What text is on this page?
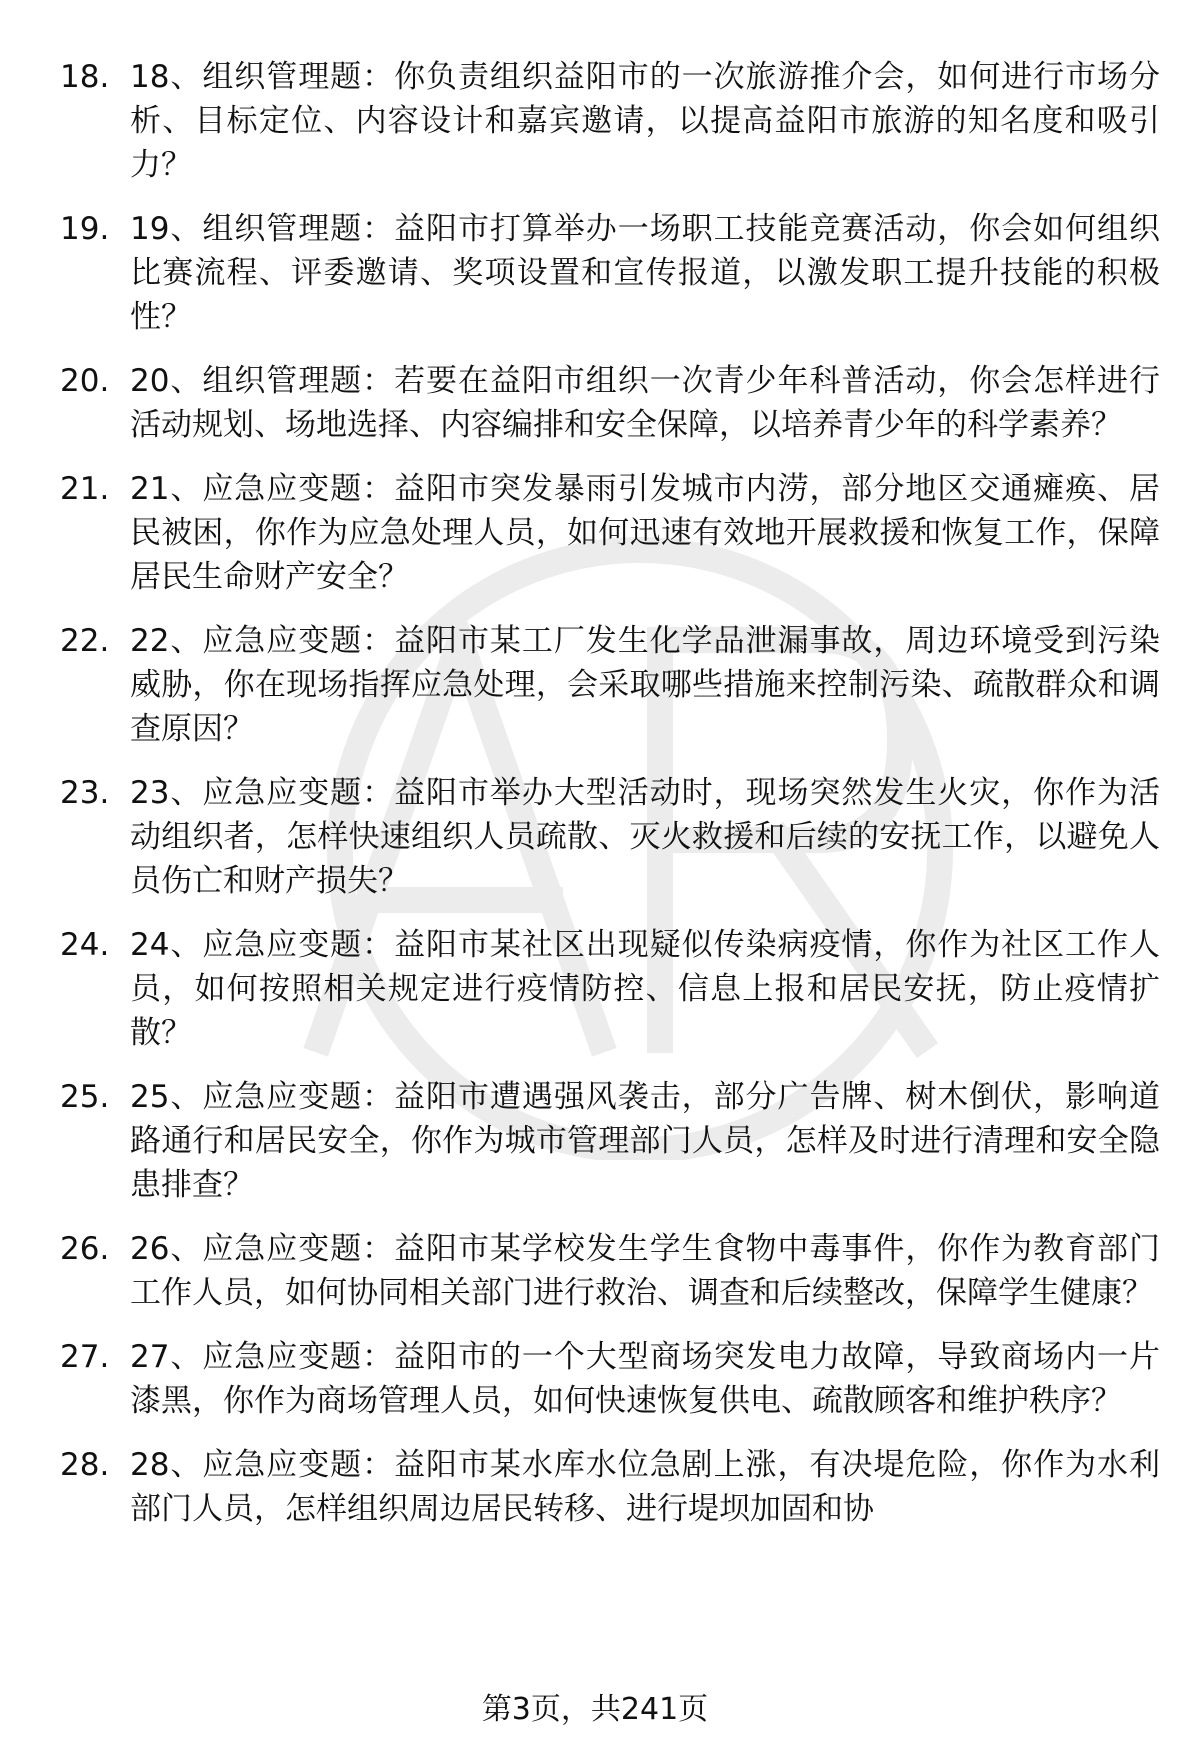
18. 18、组织管理题：你负责组织益阳市的一次旅游推介会，如何进行市场分析、目标定位、内容设计和嘉宾邀请，以提高益阳市旅游的知名度和吸引力？
19. 19、组织管理题：益阳市打算举办一场职工技能竞赛活动，你会如何组织比赛流程、评委邀请、奖项设置和宣传报道，以激发职工提升技能的积极性？
20. 20、组织管理题：若要在益阳市组织一次青少年科普活动，你会怎样进行活动规划、场地选择、内容编排和安全保障，以培养青少年的科学素养？
21. 21、应急应变题：益阳市突发暴雨引发城市内涝，部分地区交通瘫痪、居民被困，你作为应急处理人员，如何迅速有效地开展救援和恢复工作，保障居民生命财产安全？
22. 22、应急应变题：益阳市某工厂发生化学品泄漏事故，周边环境受到污染威胁，你在现场指挥应急处理，会采取哪些措施来控制污染、疏散群众和调查原因？
23. 23、应急应变题：益阳市举办大型活动时，现场突然发生火灾，你作为活动组织者，怎样快速组织人员疏散、灭火救援和后续的安抚工作，以避免人员伤亡和财产损失？
24. 24、应急应变题：益阳市某社区出现疑似传染病疫情，你作为社区工作人员，如何按照相关规定进行疫情防控、信息上报和居民安抚，防止疫情扩散？
25. 25、应急应变题：益阳市遭遇强风袭击，部分广告牌、树木倒伏，影响道路通行和居民安全，你作为城市管理部门人员，怎样及时进行清理和安全隐患排查？
26. 26、应急应变题：益阳市某学校发生学生食物中毒事件，你作为教育部门工作人员，如何协同相关部门进行救治、调查和后续整改，保障学生健康？
27. 27、应急应变题：益阳市的一个大型商场突发电力故障，导致商场内一片漆黑，你作为商场管理人员，如何快速恢复供电、疏散顾客和维护秩序？
28. 28、应急应变题：益阳市某水库水位急剧上涨，有决堤危险，你作为水利部门人员，怎样组织周边居民转移、进行堤坝加固和协
第3页，共241页
